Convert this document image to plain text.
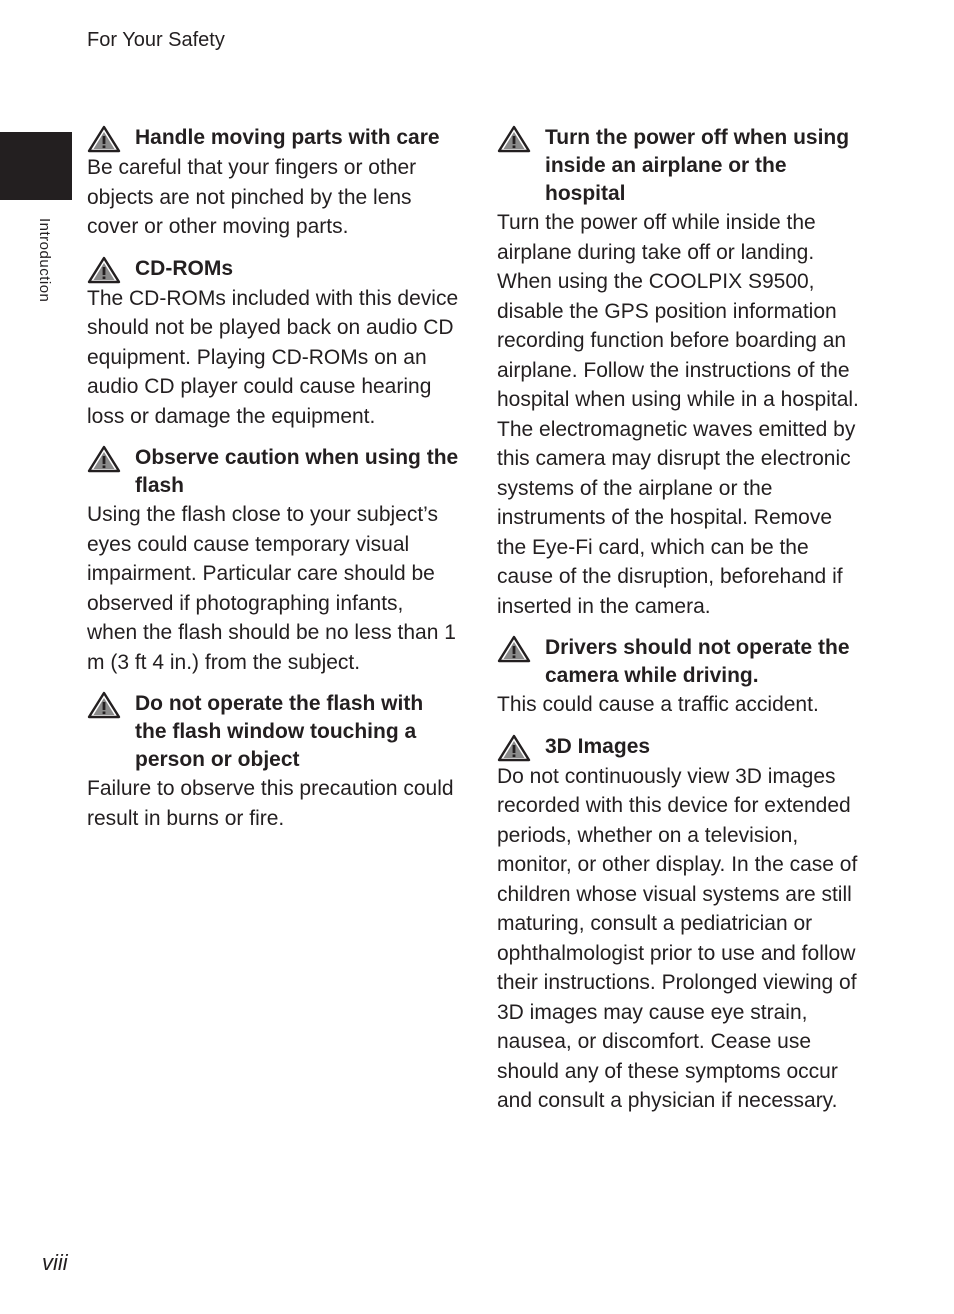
For Your Safety
Introduction
Handle moving parts with care

Be careful that your fingers or other objects are not pinched by the lens cover or other moving parts.

CD-ROMs

The CD-ROMs included with this device should not be played back on audio CD equipment. Playing CD-ROMs on an audio CD player could cause hearing loss or damage the equipment.

Observe caution when using the flash

Using the flash close to your subject’s eyes could cause temporary visual impairment. Particular care should be observed if photographing infants, when the flash should be no less than 1 m (3 ft 4 in.) from the subject.

Do not operate the flash with the flash window touching a person or object

Failure to observe this precaution could result in burns or fire.

Turn the power off when using inside an airplane or the hospital

Turn the power off while inside the airplane during take off or landing. When using the COOLPIX S9500, disable the GPS position information recording function before boarding an airplane. Follow the instructions of the hospital when using while in a hospital. The electromagnetic waves emitted by this camera may disrupt the electronic systems of the airplane or the instruments of the hospital. Remove the Eye-Fi card, which can be the cause of the disruption, beforehand if inserted in the camera.

Drivers should not operate the camera while driving.

This could cause a traffic accident.

3D Images

Do not continuously view 3D images recorded with this device for extended periods, whether on a television, monitor, or other display. In the case of children whose visual systems are still maturing, consult a pediatrician or ophthalmologist prior to use and follow their instructions. Prolonged viewing of 3D images may cause eye strain, nausea, or discomfort. Cease use should any of these symptoms occur and consult a physician if necessary.

viii
